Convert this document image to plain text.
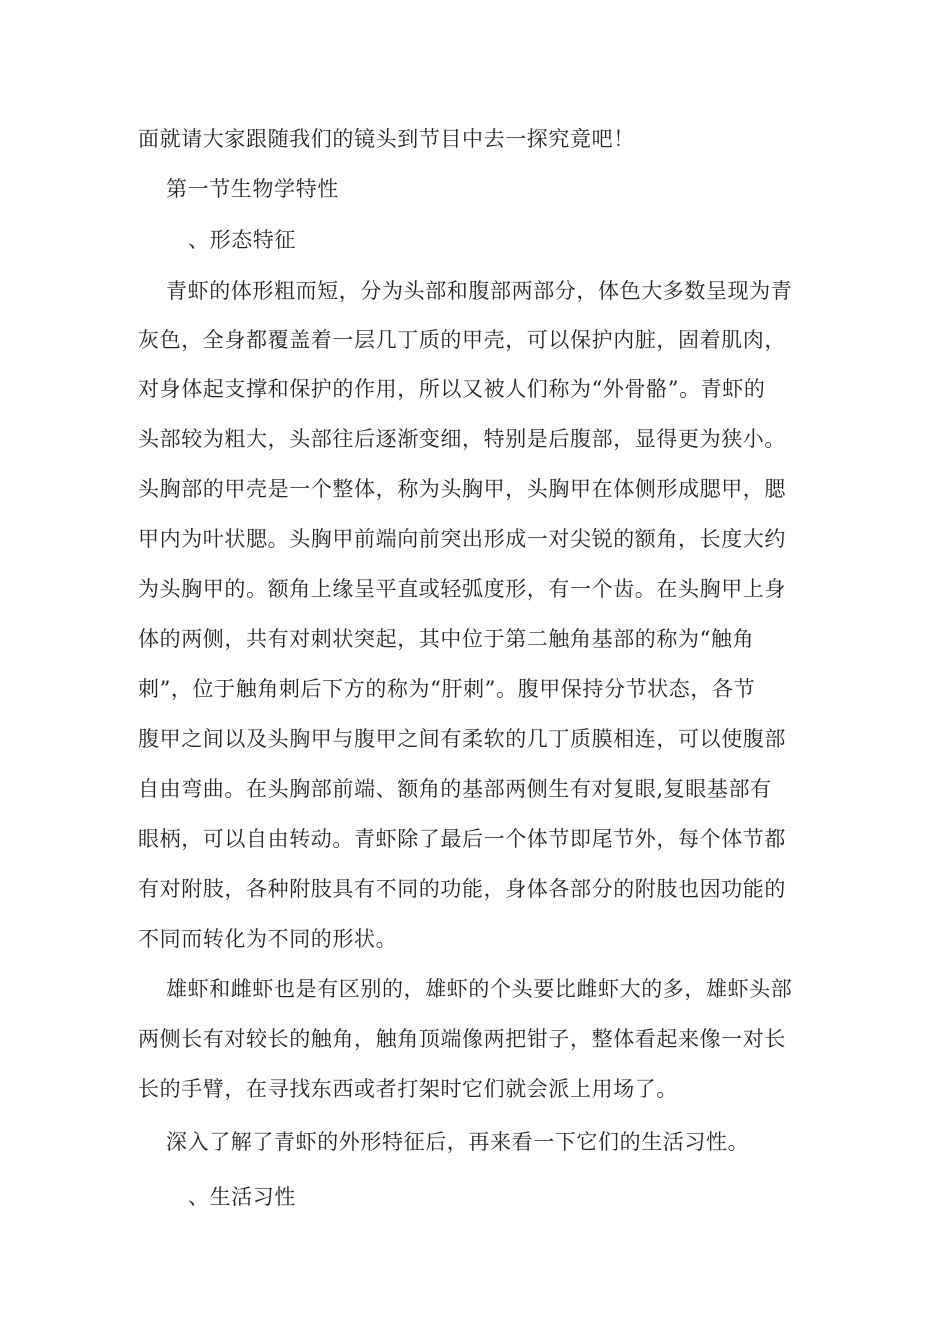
面就请大家跟随我们的镜头到节目中去一探究竟吧！
第一节生物学特性
、形态特征
青虾的体形粗而短，分为头部和腹部两部分，体色大多数呈现为青
灰色，全身都覆盖着一层几丁质的甲壳，可以保护内脏，固着肌肉，
对身体起支撑和保护的作用，所以又被人们称为“外骨骼”。青虾的
头部较为粗大，头部往后逐渐变细，特别是后腹部，显得更为狭小。
头胸部的甲壳是一个整体，称为头胸甲，头胸甲在体侧形成腮甲，腮
甲内为叶状腮。头胸甲前端向前突出形成一对尖锐的额角，长度大约
为头胸甲的。额角上缘呈平直或轻弧度形，有一个齿。在头胸甲上身
体的两侧，共有对刺状突起，其中位于第二触角基部的称为“触角
刺”，位于触角刺后下方的称为“肝刺”。腹甲保持分节状态，各节
腹甲之间以及头胸甲与腹甲之间有柔软的几丁质膜相连，可以使腹部
自由弯曲。在头胸部前端、额角的基部两侧生有对复眼,复眼基部有
眼柄，可以自由转动。青虾除了最后一个体节即尾节外，每个体节都
有对附肢，各种附肢具有不同的功能，身体各部分的附肢也因功能的
不同而转化为不同的形状。
雄虾和雌虾也是有区别的，雄虾的个头要比雌虾大的多，雄虾头部
两侧长有对较长的触角，触角顶端像两把钳子，整体看起来像一对长
长的手臂，在寻找东西或者打架时它们就会派上用场了。
深入了解了青虾的外形特征后，再来看一下它们的生活习性。
、生活习性
